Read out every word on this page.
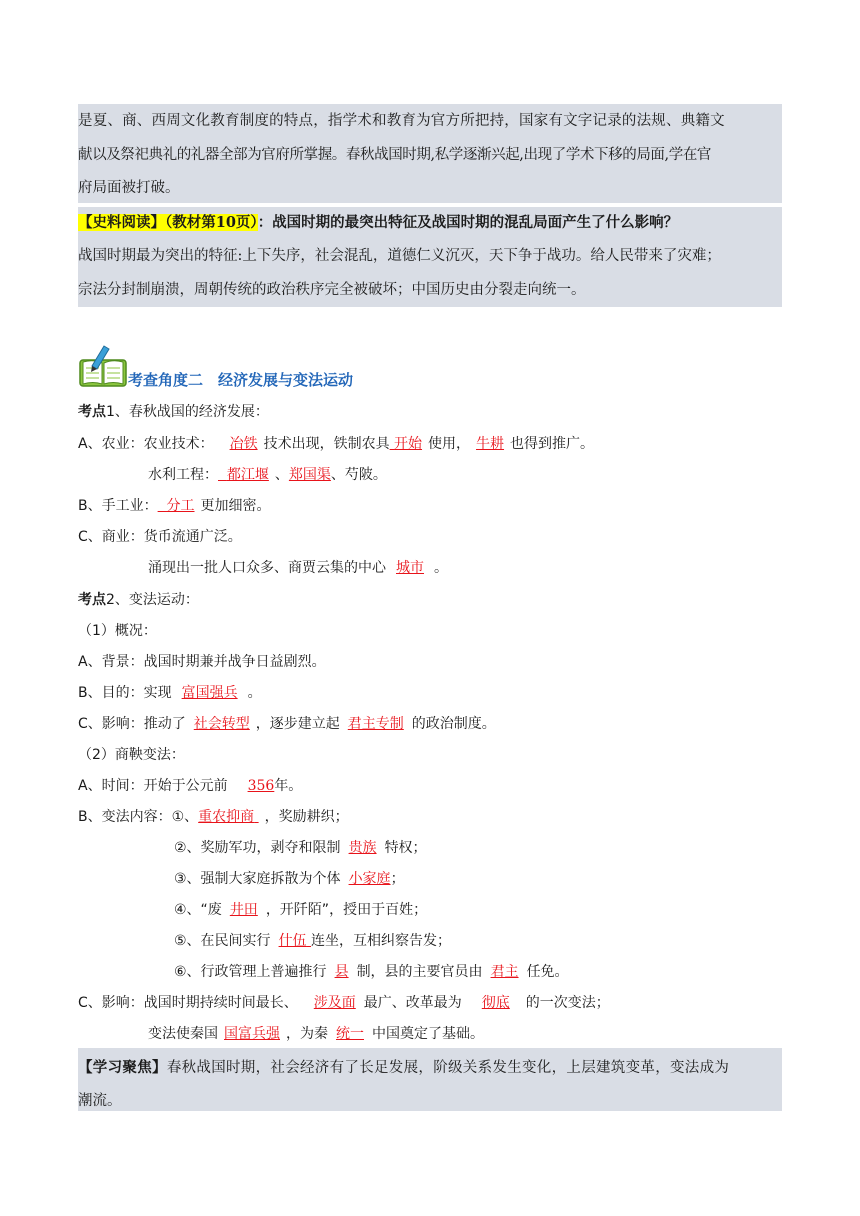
是夏、商、西周文化教育制度的特点，指学术和教育为官方所把持，国家有文字记录的法规、典籍文
献以及祭祀典礼的礼器全部为官府所掌握。春秋战国时期,私学逐渐兴起,出现了学术下移的局面,学在官
府局面被打破。
【史料阅读】（教材第10页）：战国时期的最突出特征及战国时期的混乱局面产生了什么影响？
战国时期最为突出的特征:上下失序，社会混乱，道德仁义沉灭，天下争于战功。给人民带来了灾难；
宗法分封制崩溃，周朝传统的政治秩序完全被破坏；中国历史由分裂走向统一。
考查角度二　经济发展与变法运动
考点1、春秋战国的经济发展：
A、农业：农业技术： 冶铁 技术出现，铁制农具 开始 使用， 牛耕 也得到推广。
水利工程： 都江堰 、郑国渠、芍陂。
B、手工业： 分工 更加细密。
C、商业：货币流通广泛。
涌现出一批人口众多、商贾云集的中心 城市 。
考点2、变法运动：
（1）概况：
A、背景：战国时期兼并战争日益剧烈。
B、目的：实现 富国强兵 。
C、影响：推动了 社会转型 ，逐步建立起 君主专制 的政治制度。
（2）商鞅变法：
A、时间：开始于公元前 356年。
B、变法内容：①、重农抑商 ，奖励耕织；
②、奖励军功，剥夺和限制 贵族 特权；
③、强制大家庭拆散为个体 小家庭；
④、“废 井田 ，开阡陌”，授田于百姓；
⑤、在民间实行 什伍 连坐，互相纠察告发；
⑥、行政管理上普遍推行 县 制，县的主要官员由 君主 任免。
C、影响：战国时期持续时间最长、 涉及面 最广、改革最为 彻底 的一次变法；
变法使秦国 国富兵强 ，为秦 统一 中国奠定了基础。
【学习聚焦】春秋战国时期，社会经济有了长足发展，阶级关系发生变化，上层建筑变革，变法成为
潮流。
